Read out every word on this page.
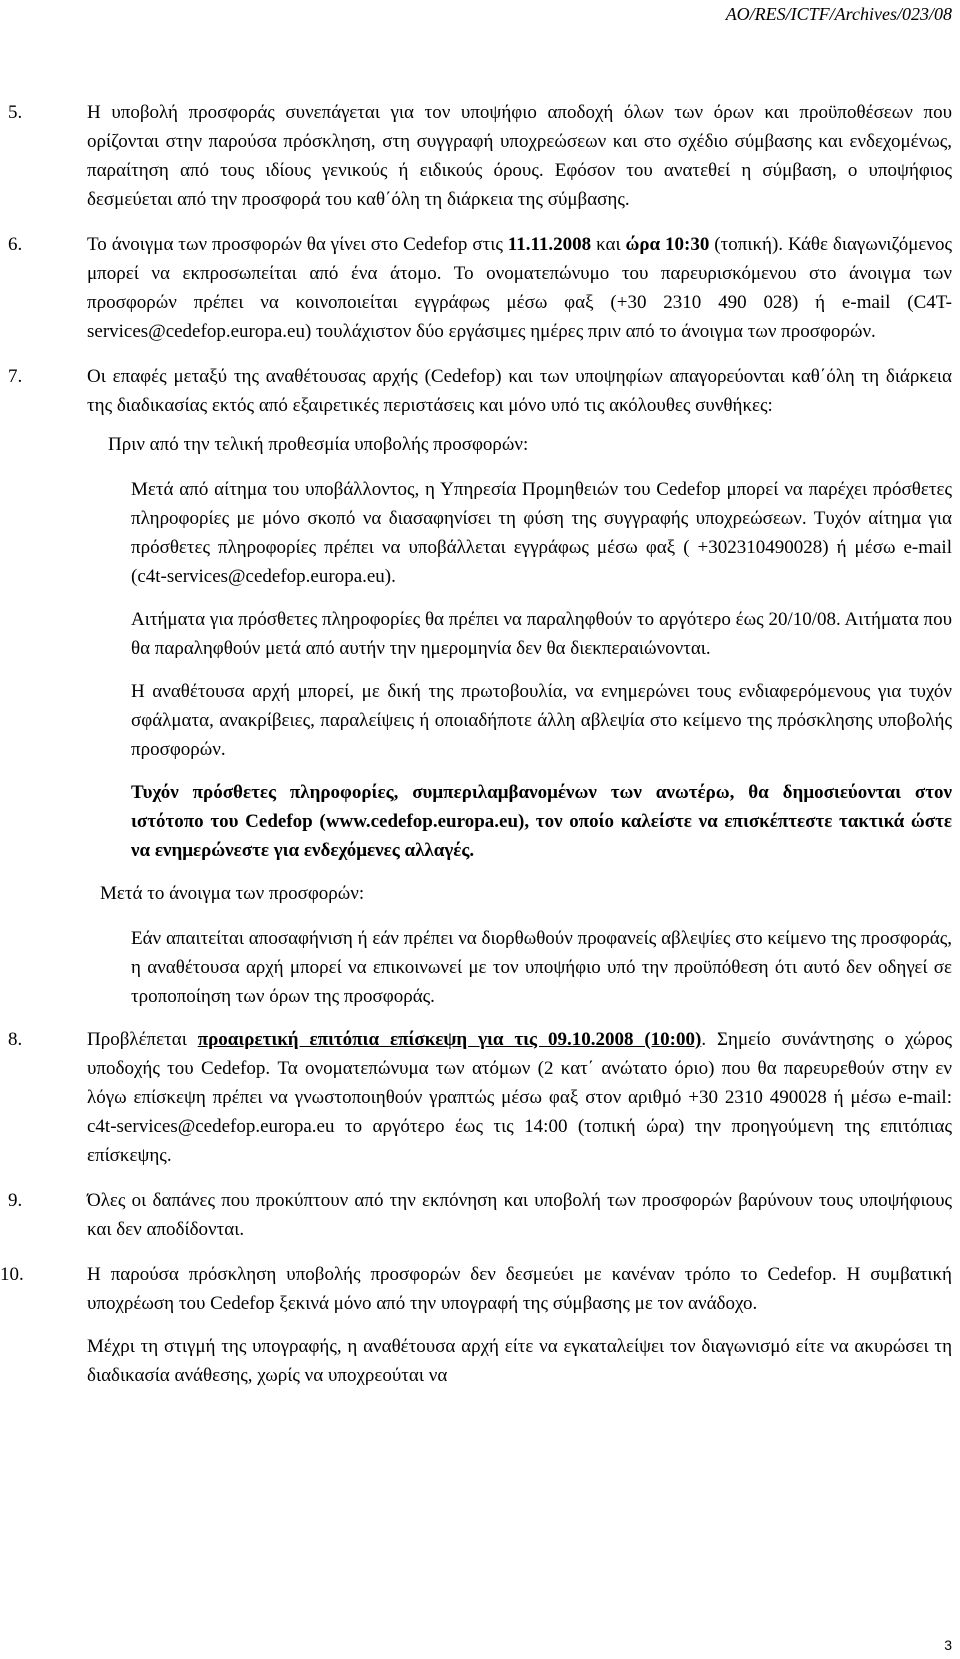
AO/RES/ICTF/Archives/023/08
5.	Η υποβολή προσφοράς συνεπάγεται για τον υποψήφιο αποδοχή όλων των όρων και προϋποθέσεων που ορίζονται στην παρούσα πρόσκληση, στη συγγραφή υποχρεώσεων και στο σχέδιο σύμβασης και ενδεχομένως, παραίτηση από τους ιδίους γενικούς ή ειδικούς όρους. Εφόσον του ανατεθεί η σύμβαση, ο υποψήφιος δεσμεύεται από την προσφορά του καθ΄όλη τη διάρκεια της σύμβασης.
6.	Το άνοιγμα των προσφορών θα γίνει στο Cedefop στις 11.11.2008 και ώρα 10:30 (τοπική). Κάθε διαγωνιζόμενος μπορεί να εκπροσωπείται από ένα άτομο. Το ονοματεπώνυμο του παρευρισκόμενου στο άνοιγμα των προσφορών πρέπει να κοινοποιείται εγγράφως μέσω φαξ (+30 2310 490 028) ή e-mail (C4T-services@cedefop.europa.eu) τουλάχιστον δύο εργάσιμες ημέρες πριν από το άνοιγμα των προσφορών.
7.	Οι επαφές μεταξύ της αναθέτουσας αρχής (Cedefop) και των υποψηφίων απαγορεύονται καθ΄όλη τη διάρκεια της διαδικασίας εκτός από εξαιρετικές περιστάσεις και μόνο υπό τις ακόλουθες συνθήκες:
Πριν από την τελική προθεσμία υποβολής προσφορών:
Μετά από αίτημα του υποβάλλοντος, η Υπηρεσία Προμηθειών του Cedefop μπορεί να παρέχει πρόσθετες πληροφορίες με μόνο σκοπό να διασαφηνίσει τη φύση της συγγραφής υποχρεώσεων. Τυχόν αίτημα για πρόσθετες πληροφορίες πρέπει να υποβάλλεται εγγράφως μέσω φαξ ( +302310490028) ή μέσω e-mail (c4t-services@cedefop.europa.eu).
Αιτήματα για πρόσθετες πληροφορίες θα πρέπει να παραληφθούν το αργότερο έως 20/10/08. Αιτήματα που θα παραληφθούν μετά από αυτήν την ημερομηνία δεν θα διεκπεραιώνονται.
Η αναθέτουσα αρχή μπορεί, με δική της πρωτοβουλία, να ενημερώνει τους ενδιαφερόμενους για τυχόν σφάλματα, ανακρίβειες, παραλείψεις ή οποιαδήποτε άλλη αβλεψία στο κείμενο της πρόσκλησης υποβολής προσφορών.
Τυχόν πρόσθετες πληροφορίες, συμπεριλαμβανομένων των ανωτέρω, θα δημοσιεύονται στον ιστότοπο του Cedefop (www.cedefop.europa.eu), τον οποίο καλείστε να επισκέπτεστε τακτικά ώστε να ενημερώνεστε για ενδεχόμενες αλλαγές.
Μετά το άνοιγμα των προσφορών:
Εάν απαιτείται αποσαφήνιση ή εάν πρέπει να διορθωθούν προφανείς αβλεψίες στο κείμενο της προσφοράς, η αναθέτουσα αρχή μπορεί να επικοινωνεί με τον υποψήφιο υπό την προϋπόθεση ότι αυτό δεν οδηγεί σε τροποποίηση των όρων της προσφοράς.
8.	Προβλέπεται προαιρετική επιτόπια επίσκεψη για τις 09.10.2008 (10:00). Σημείο συνάντησης ο χώρος υποδοχής του Cedefop. Τα ονοματεπώνυμα των ατόμων (2 κατ΄ ανώτατο όριο) που θα παρευρεθούν στην εν λόγω επίσκεψη πρέπει να γνωστοποιηθούν γραπτώς μέσω φαξ στον αριθμό +30 2310 490028 ή μέσω e-mail: c4t-services@cedefop.europa.eu το αργότερο έως τις 14:00 (τοπική ώρα) την προηγούμενη της επιτόπιας επίσκεψης.
9.	Όλες οι δαπάνες που προκύπτουν από την εκπόνηση και υποβολή των προσφορών βαρύνουν τους υποψήφιους και δεν αποδίδονται.
10.	Η παρούσα πρόσκληση υποβολής προσφορών δεν δεσμεύει με κανέναν τρόπο το Cedefop. Η συμβατική υποχρέωση του Cedefop ξεκινά μόνο από την υπογραφή της σύμβασης με τον ανάδοχο.

Μέχρι τη στιγμή της υπογραφής, η αναθέτουσα αρχή είτε να εγκαταλείψει τον διαγωνισμό είτε να ακυρώσει τη διαδικασία ανάθεσης, χωρίς να υποχρεούται να

3
